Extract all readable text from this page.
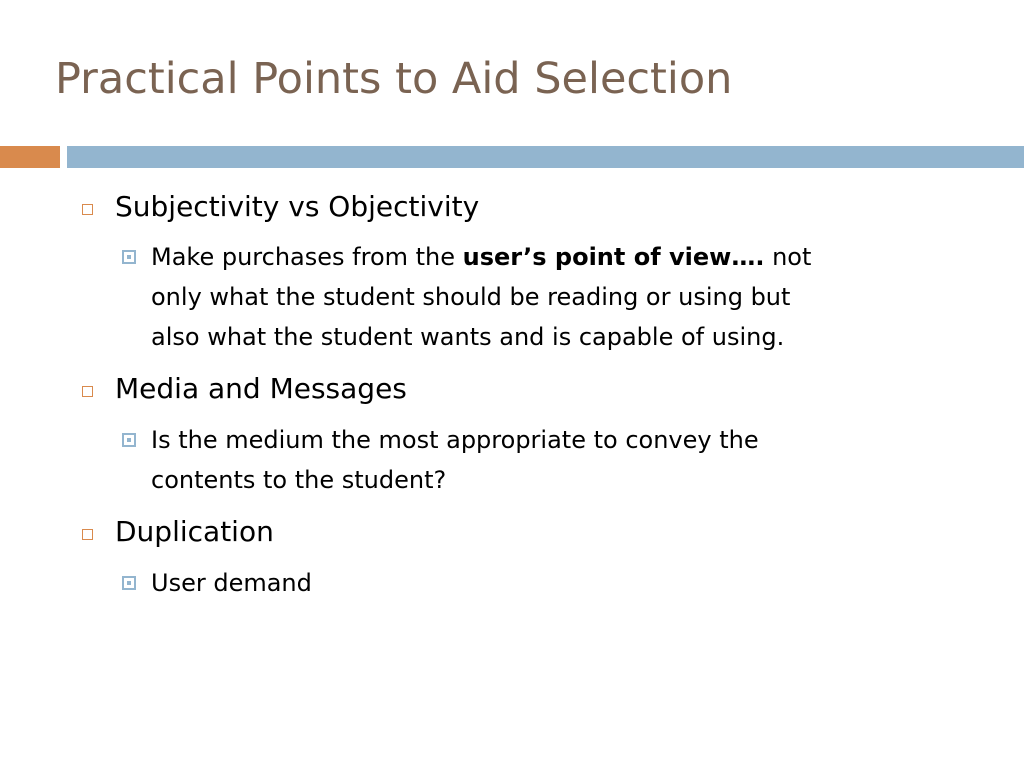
Practical Points to Aid Selection
Subjectivity vs Objectivity
Make purchases from the user’s point of view…. not
only what the student should be reading or using but
also what the student wants and is capable of using.
Media and Messages
Is the medium the most appropriate to convey the
contents to the student?
Duplication
User demand
